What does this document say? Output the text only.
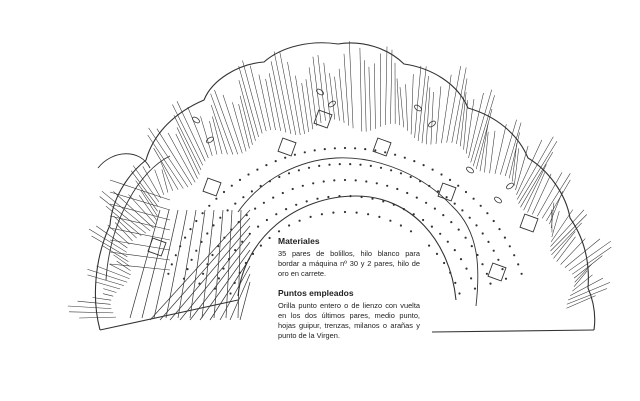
Materiales
35 pares de bolillos, hilo blanco para bordar a máquina nº 30 y 2 pares, hilo de oro en carrete.
Puntos empleados
Orilla punto entero o de lienzo con vuelta en los dos últimos pares, medio punto, hojas guipur, trenzas, milanos o arañas y punto de la Virgen.
